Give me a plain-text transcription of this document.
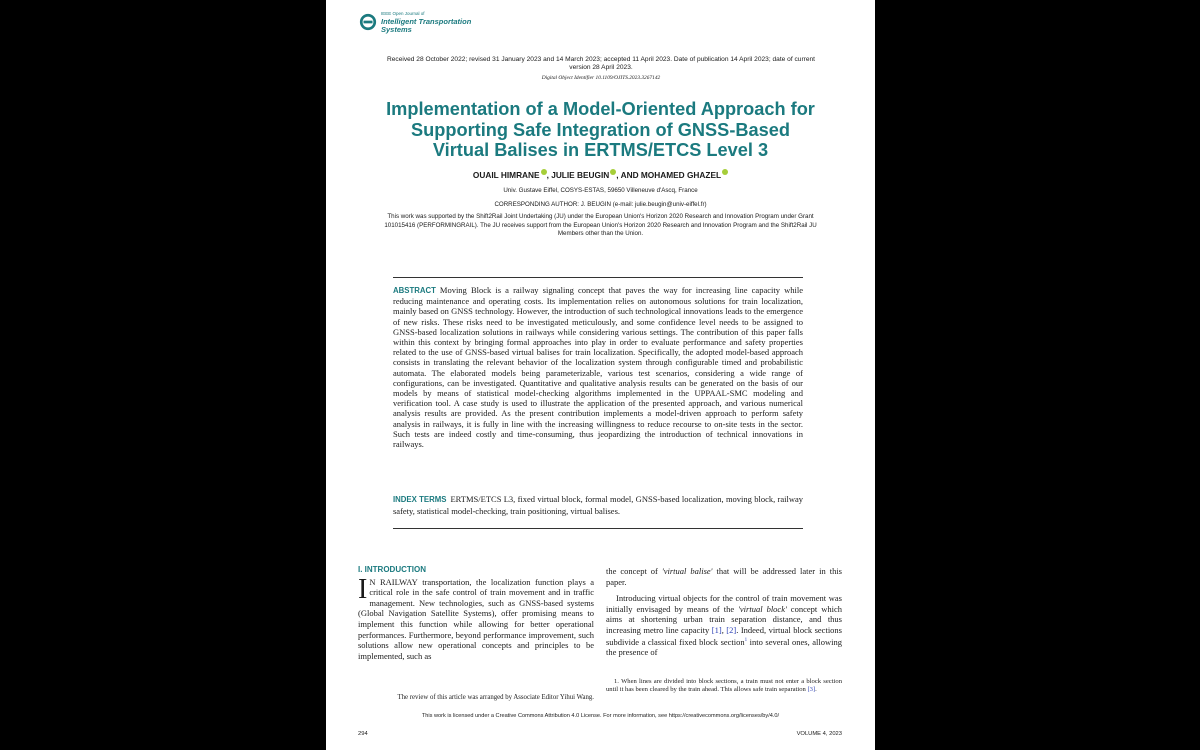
IEEE Open Journal of
Intelligent Transportation
Systems
Received 28 October 2022; revised 31 January 2023 and 14 March 2023; accepted 11 April 2023. Date of publication 14 April 2023; date of current version 28 April 2023.
Digital Object Identifier 10.1109/OJITS.2023.3267142
Implementation of a Model-Oriented Approach for
Supporting Safe Integration of GNSS-Based
Virtual Balises in ERTMS/ETCS Level 3
OUAIL HIMRANE , JULIE BEUGIN , AND MOHAMED GHAZEL
Univ. Gustave Eiffel, COSYS-ESTAS, 59650 Villeneuve d'Ascq, France
CORRESPONDING AUTHOR: J. BEUGIN (e-mail: julie.beugin@univ-eiffel.fr)
This work was supported by the Shift2Rail Joint Undertaking (JU) under the European Union's Horizon 2020 Research and Innovation Program under Grant 101015416 (PERFORMINGRAIL). The JU receives support from the European Union's Horizon 2020 Research and Innovation Program and the Shift2Rail JU Members other than the Union.
ABSTRACT Moving Block is a railway signaling concept that paves the way for increasing line capacity while reducing maintenance and operating costs. Its implementation relies on autonomous solutions for train localization, mainly based on GNSS technology. However, the introduction of such technological innovations leads to the emergence of new risks. These risks need to be investigated meticulously, and some confidence level needs to be assigned to GNSS-based localization solutions in railways while considering various settings. The contribution of this paper falls within this context by bringing formal approaches into play in order to evaluate performance and safety properties related to the use of GNSS-based virtual balises for train localization. Specifically, the adopted model-based approach consists in translating the relevant behavior of the localization system through configurable timed and probabilistic automata. The elaborated models being parameterizable, various test scenarios, considering a wide range of configurations, can be investigated. Quantitative and qualitative analysis results can be generated on the basis of our models by means of statistical model-checking algorithms implemented in the UPPAAL-SMC modeling and verification tool. A case study is used to illustrate the application of the presented approach, and various numerical analysis results are provided. As the present contribution implements a model-driven approach to perform safety analysis in railways, it is fully in line with the increasing willingness to reduce recourse to on-site tests in the sector. Such tests are indeed costly and time-consuming, thus jeopardizing the introduction of technical innovations in railways.
INDEX TERMS ERTMS/ETCS L3, fixed virtual block, formal model, GNSS-based localization, moving block, railway safety, statistical model-checking, train positioning, virtual balises.
I. INTRODUCTION
I N RAILWAY transportation, the localization function plays a critical role in the safe control of train movement and in traffic management. New technologies, such as GNSS-based systems (Global Navigation Satellite Systems), offer promising means to implement this function while allowing for better operational performances. Furthermore, beyond performance improvement, such solutions allow new operational concepts and principles to be implemented, such as
the concept of 'virtual balise' that will be addressed later in this paper.
Introducing virtual objects for the control of train movement was initially envisaged by means of the 'virtual block' concept which aims at shortening urban train separation distance, and thus increasing metro line capacity [1], [2]. Indeed, virtual block sections subdivide a classical fixed block section$^1$ into several ones, allowing the presence of
The review of this article was arranged by Associate Editor Yihui Wang.
1. When lines are divided into block sections, a train must not enter a block section until it has been cleared by the train ahead. This allows safe train separation [3].
This work is licensed under a Creative Commons Attribution 4.0 License. For more information, see https://creativecommons.org/licenses/by/4.0/
294	VOLUME 4, 2023
